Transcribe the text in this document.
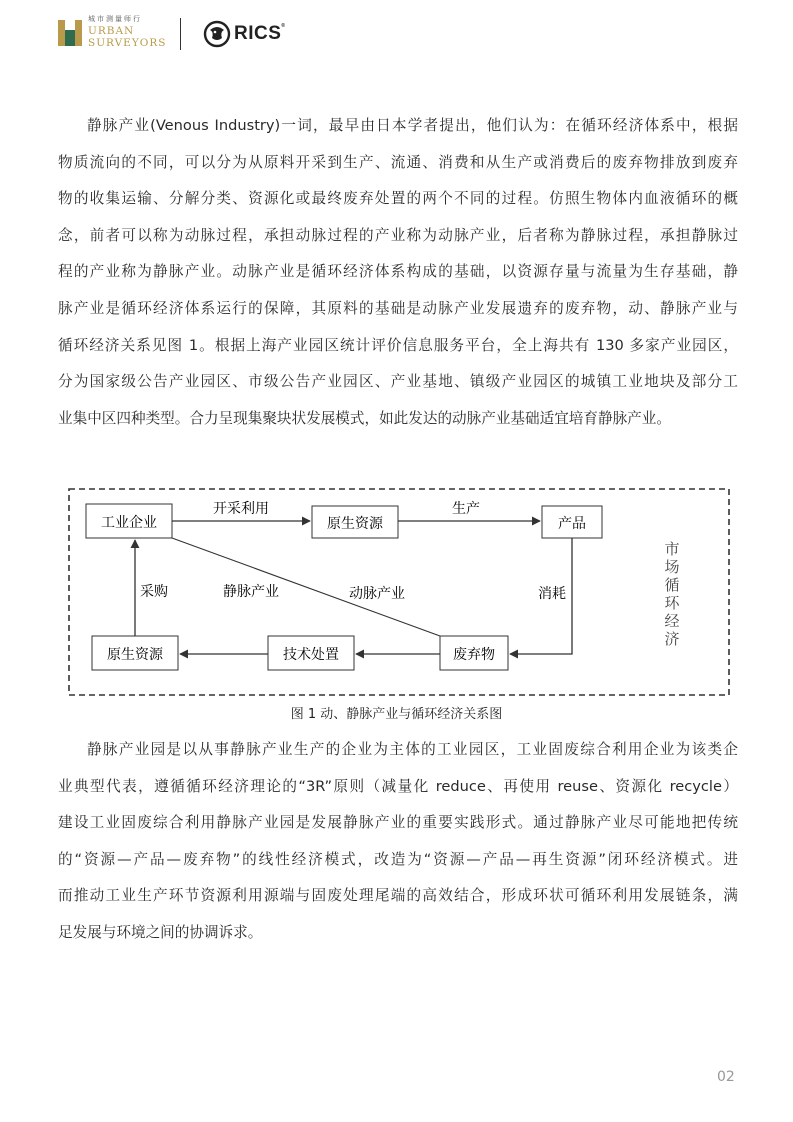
城市测量师行
URBAN
SURVEYORS	RICS®
静脉产业(Venous Industry)一词，最早由日本学者提出，他们认为：在循环经济体系中，根据
物质流向的不同，可以分为从原料开采到生产、流通、消费和从生产或消费后的废弃物排放到废弃
物的收集运输、分解分类、资源化或最终废弃处置的两个不同的过程。仿照生物体内血液循环的概
念，前者可以称为动脉过程，承担动脉过程的产业称为动脉产业，后者称为静脉过程，承担静脉过
程的产业称为静脉产业。动脉产业是循环经济体系构成的基础，以资源存量与流量为生存基础，静
脉产业是循环经济体系运行的保障，其原料的基础是动脉产业发展遗弃的废弃物，动、静脉产业与
循环经济关系见图 1。根据上海产业园区统计评价信息服务平台，全上海共有 130 多家产业园区，
分为国家级公告产业园区、市级公告产业园区、产业基地、镇级产业园区的城镇工业地块及部分工
业集中区四种类型。合力呈现集聚块状发展模式，如此发达的动脉产业基础适宜培育静脉产业。
工业企业	原生资源	产品
废弃物
技术处置
原生资源
开采利用	生产
消耗
采购	静脉产业	动脉产业
市
场
循
环
经
济
图 1 动、静脉产业与循环经济关系图
静脉产业园是以从事静脉产业生产的企业为主体的工业园区，工业固废综合利用企业为该类企
业典型代表，遵循循环经济理论的“3R”原则（减量化 reduce、再使用 reuse、资源化 recycle）
建设工业固废综合利用静脉产业园是发展静脉产业的重要实践形式。通过静脉产业尽可能地把传统
的“资源—产品—废弃物”的线性经济模式，改造为“资源—产品—再生资源”闭环经济模式。进
而推动工业生产环节资源利用源端与固废处理尾端的高效结合，形成环状可循环利用发展链条，满
足发展与环境之间的协调诉求。
02
